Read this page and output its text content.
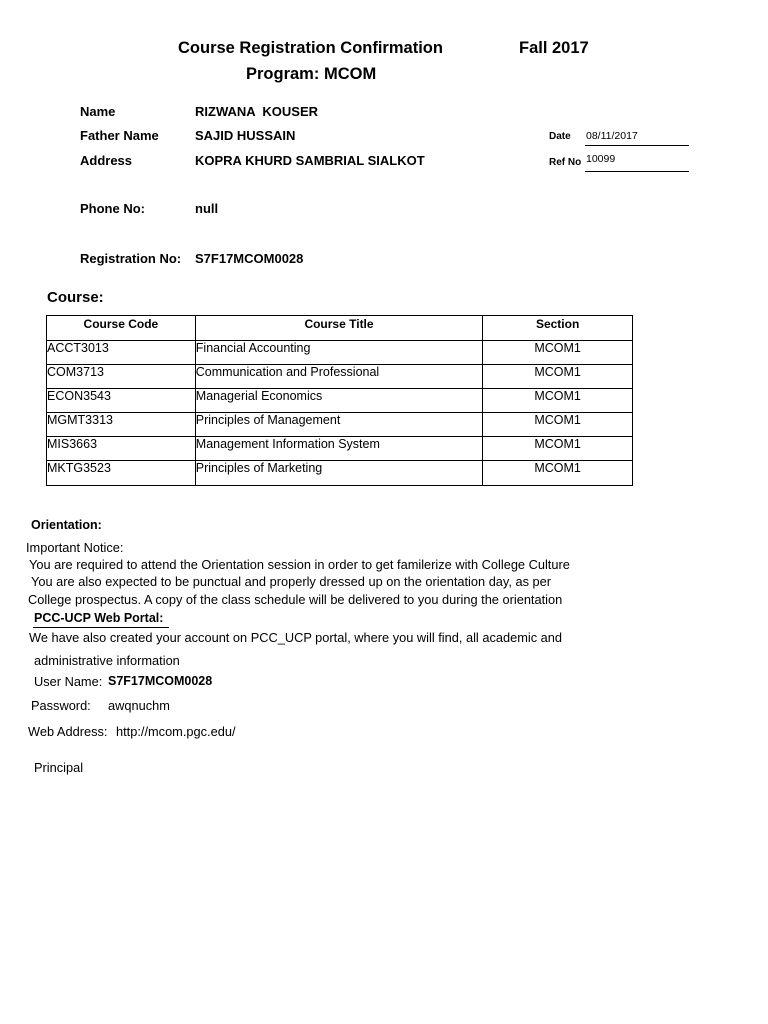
Course Registration Confirmation	Fall 2017
Program: MCOM
Name	RIZWANA  KOUSER
Father Name	SAJID HUSSAIN
Address	KOPRA KHURD SAMBRIAL SIALKOT
Phone No:	null
Registration No: S7F17MCOM0028
Date 08/11/2017
Ref No 10099
Course:
Course Code	Course Title	Section
ACCT3013	Financial Accounting	MCOM1
COM3713	Communication and Professional	MCOM1
ECON3543	Managerial Economics	MCOM1
MGMT3313	Principles of Management	MCOM1
MIS3663	Management Information System	MCOM1
MKTG3523	Principles of Marketing	MCOM1
Orientation:
Important Notice:
You are required to attend the Orientation session in order to get familerize with College Culture
You are also expected to be punctual and properly dressed up on the orientation day, as per
College prospectus. A copy of the class schedule will be delivered to you during the orientation
PCC-UCP Web Portal:
We have also created your account on PCC_UCP portal, where you will find, all academic and
administrative information
User Name: S7F17MCOM0028
Password: awqnuchm
Web Address: http://mcom.pgc.edu/
Principal
